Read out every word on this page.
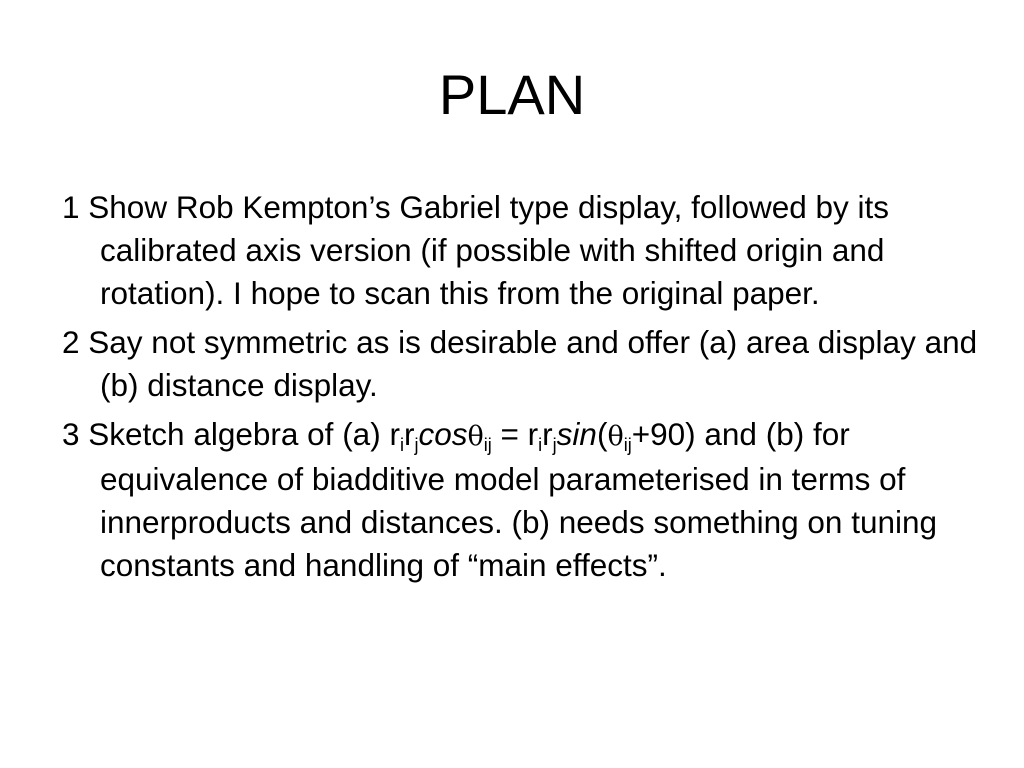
PLAN
1 Show Rob Kempton’s Gabriel type display, followed by its calibrated axis version (if possible with shifted origin and rotation). I hope to scan this from the original paper.
2 Say not symmetric as is desirable and offer (a) area display and (b) distance display.
3 Sketch algebra of (a) $r_ir_j\cos\theta_{ij} = r_ir_j\sin(\theta_{ij}+90)$ and (b) for equivalence of biadditive model parameterised in terms of innerproducts and distances. (b) needs something on tuning constants and handling of “main effects”.
